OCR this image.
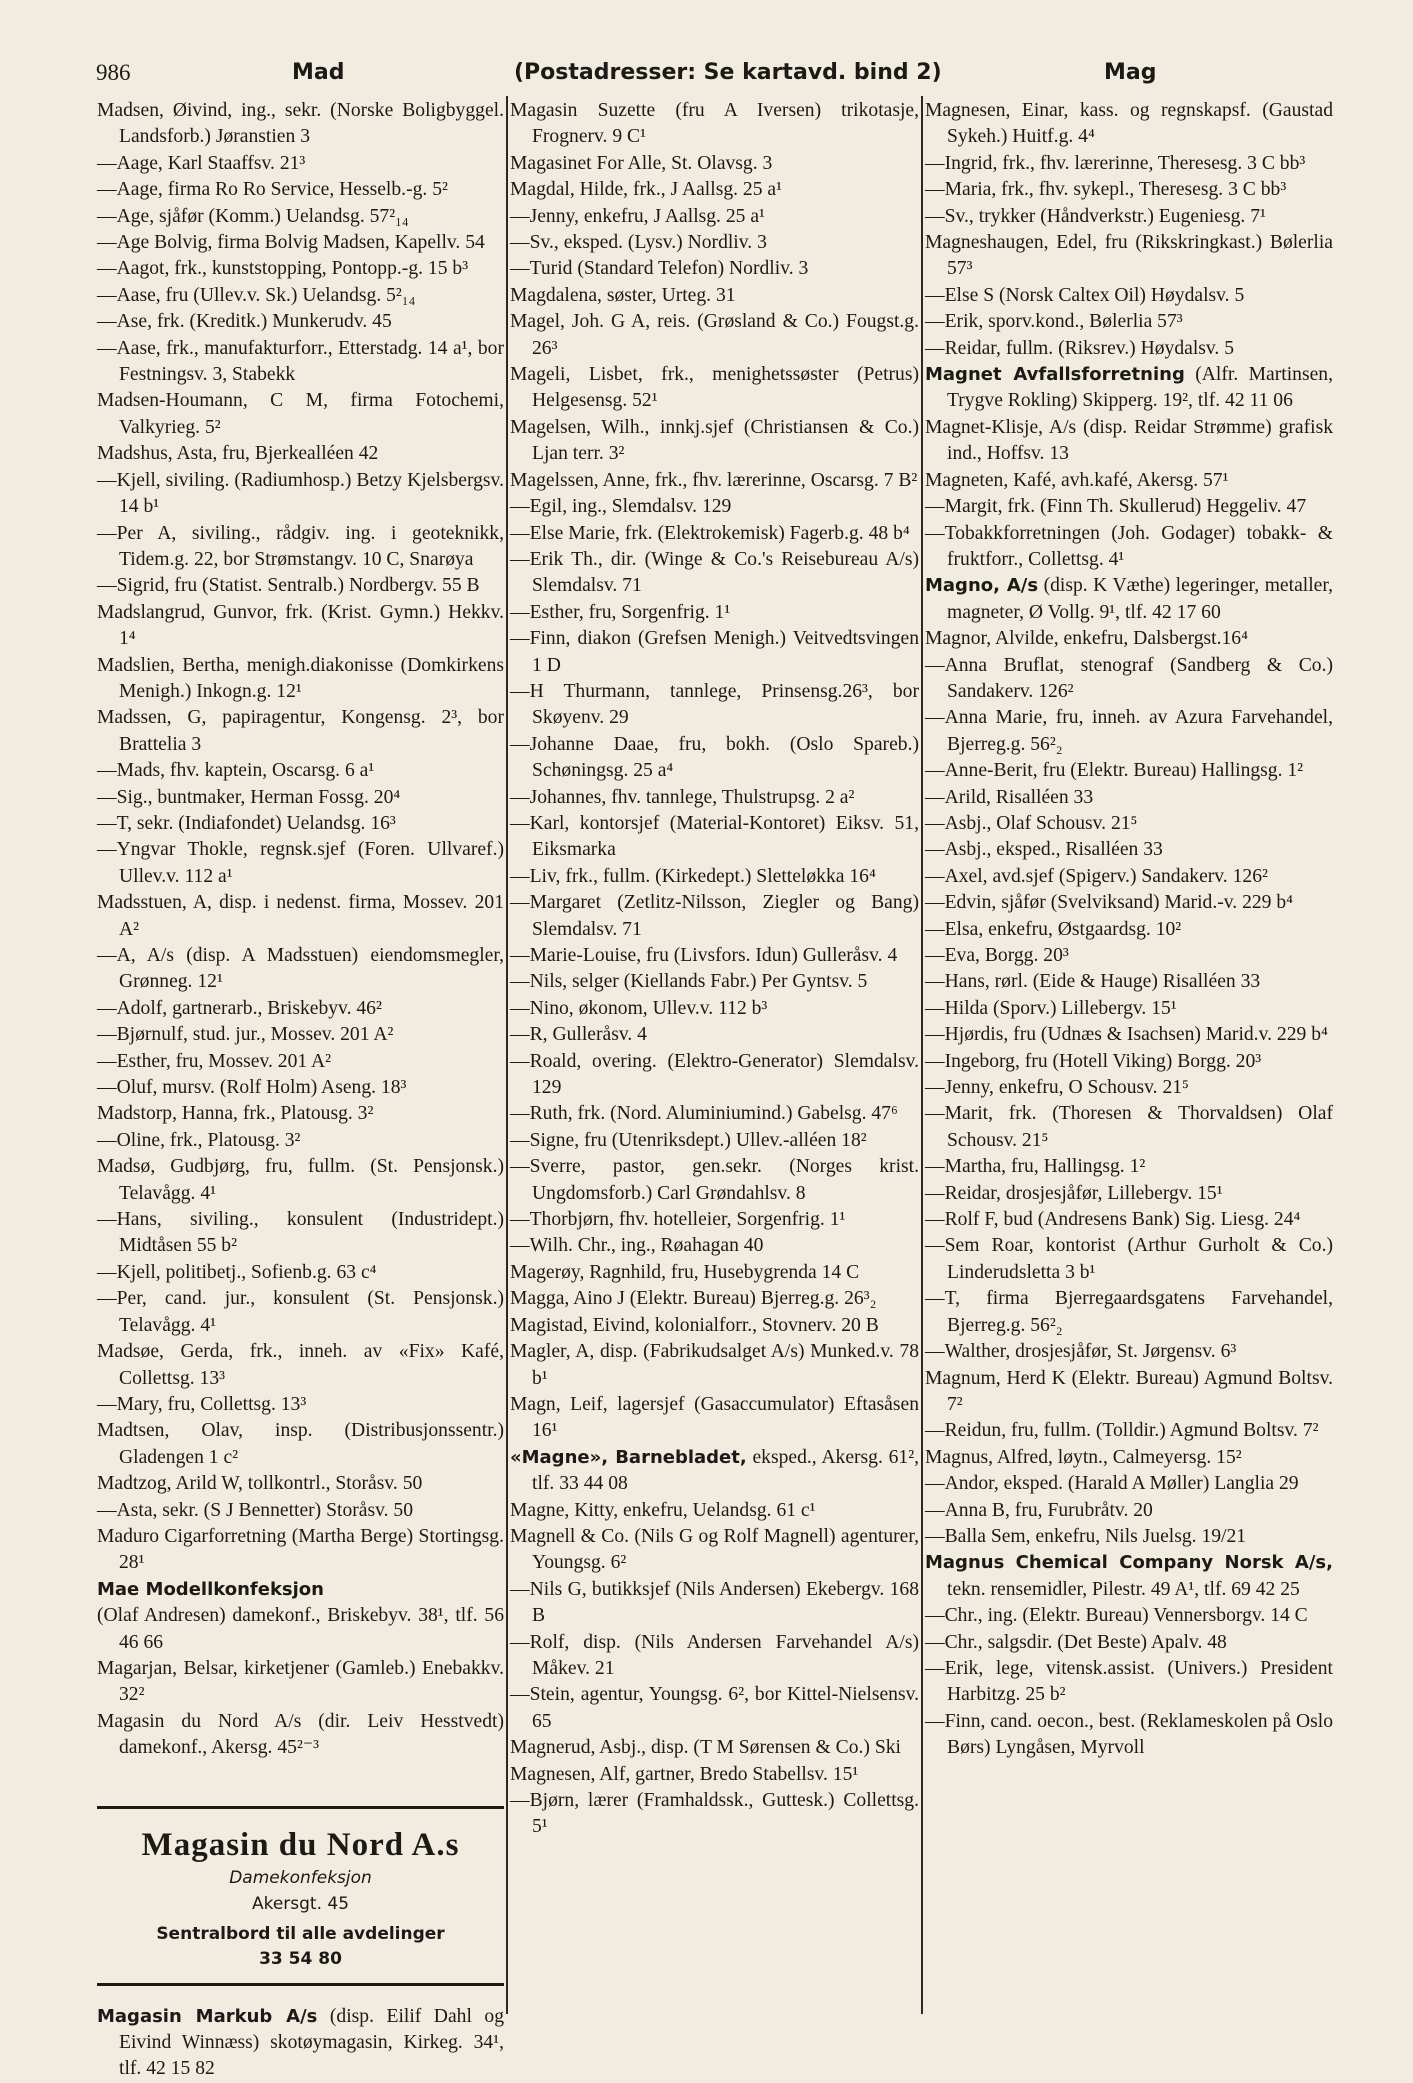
986	Mad	(Postadresser: Se kartavd. bind 2)	Mag
Madsen, Øivind, ing., sekr. (Norske Boligbyggel. Landsforb.) Jøranstien 3
—Aage, Karl Staaffsv. 21³
—Aage, firma Ro Ro Service, Hesselb.-g. 5²
—Age, sjåfør (Komm.) Uelandsg. 57²₁₄
—Age Bolvig, firma Bolvig Madsen, Kapellv. 54
—Aagot, frk., kunststopping, Pontopp.-g. 15 b³
—Aase, fru (Ullev.v. Sk.) Uelandsg. 5²₁₄
—Ase, frk. (Kreditk.) Munkerudv. 45
—Aase, frk., manufakturforr., Etterstadg. 14 a¹, bor Festningsv. 3, Stabekk
Madsen-Houmann, C M, firma Fotochemi, Valkyrieg. 5²
Madshus, Asta, fru, Bjerkealléen 42
—Kjell, siviling. (Radiumhosp.) Betzy Kjelsbergsv. 14 b¹
—Per A, siviling., rådgiv. ing. i geoteknikk, Tidem.g. 22, bor Strømstangv. 10 C, Snarøya
—Sigrid, fru (Statist. Sentralb.) Nordbergv. 55 B
Madslangrud, Gunvor, frk. (Krist. Gymn.) Hekkv. 1⁴
Madslien, Bertha, menigh.diakonisse (Domkirkens Menigh.) Inkogn.g. 12¹
Madssen, G, papiragentur, Kongensg. 2³, bor Brattelia 3
—Mads, fhv. kaptein, Oscarsg. 6 a¹
—Sig., buntmaker, Herman Fossg. 20⁴
—T, sekr. (Indiafondet) Uelandsg. 16³
—Yngvar Thokle, regnsk.sjef (Foren. Ullvaref.) Ullev.v. 112 a¹
Madsstuen, A, disp. i nedenst. firma, Mossev. 201 A²
—A, A/s (disp. A Madsstuen) eiendomsmegler, Grønneg. 12¹
—Adolf, gartnerarb., Briskebyv. 46²
—Bjørnulf, stud. jur., Mossev. 201 A²
—Esther, fru, Mossev. 201 A²
—Oluf, mursv. (Rolf Holm) Aseng. 18³
Madstorp, Hanna, frk., Platousg. 3²
—Oline, frk., Platousg. 3²
Madsø, Gudbjørg, fru, fullm. (St. Pensjonsk.) Telavågg. 4¹
—Hans, siviling., konsulent (Industridept.) Midtåsen 55 b²
—Kjell, politibetj., Sofienb.g. 63 c⁴
—Per, cand. jur., konsulent (St. Pensjonsk.) Telavågg. 4¹
Madsøe, Gerda, frk., inneh. av «Fix» Kafé, Collettsg. 13³
—Mary, fru, Collettsg. 13³
Madtsen, Olav, insp. (Distribusjonssentr.) Gladengen 1 c²
Madtzog, Arild W, tollkontrl., Storåsv. 50
—Asta, sekr. (S J Bennetter) Storåsv. 50
Maduro Cigarforretning (Martha Berge) Stortingsg. 28¹
Mae Modellkonfeksjon
(Olaf Andresen) damekonf., Briskebyv. 38¹, tlf. 56 46 66
Magarjan, Belsar, kirketjener (Gamleb.) Enebakkv. 32²
Magasin du Nord A/s (dir. Leiv Hesstvedt) damekonf., Akersg. 45²⁻³
Magasin du Nord A.s
Damekonfeksjon
Akersgt. 45
Sentralbord til alle avdelinger
33 54 80
Magasin Markub A/s (disp. Eilif Dahl og Eivind Winnæss) skotøymagasin, Kirkeg. 34¹, tlf. 42 15 82
Magasin Suzette (fru A Iversen) trikotasje, Frognerv. 9 C¹
Magasinet For Alle, St. Olavsg. 3
Magdal, Hilde, frk., J Aallsg. 25 a¹
—Jenny, enkefru, J Aallsg. 25 a¹
—Sv., eksped. (Lysv.) Nordliv. 3
—Turid (Standard Telefon) Nordliv. 3
Magdalena, søster, Urteg. 31
Magel, Joh. G A, reis. (Grøsland & Co.) Fougst.g. 26³
Mageli, Lisbet, frk., menighetssøster (Petrus) Helgesensg. 52¹
Magelsen, Wilh., innkj.sjef (Christiansen & Co.) Ljan terr. 3²
Magelssen, Anne, frk., fhv. lærerinne, Oscarsg. 7 B²
—Egil, ing., Slemdalsv. 129
—Else Marie, frk. (Elektrokemisk) Fagerb.g. 48 b⁴
—Erik Th., dir. (Winge & Co.'s Reisebureau A/s) Slemdalsv. 71
—Esther, fru, Sorgenfrig. 1¹
—Finn, diakon (Grefsen Menigh.) Veitvedtsvingen 1 D
—H Thurmann, tannlege, Prinsensg.26³, bor Skøyenv. 29
—Johanne Daae, fru, bokh. (Oslo Spareb.) Schøningsg. 25 a⁴
—Johannes, fhv. tannlege, Thulstrupsg. 2 a²
—Karl, kontorsjef (Material-Kontoret) Eiksv. 51, Eiksmarka
—Liv, frk., fullm. (Kirkedept.) Sletteløkka 16⁴
—Margaret (Zetlitz-Nilsson, Ziegler og Bang) Slemdalsv. 71
—Marie-Louise, fru (Livsfors. Idun) Gulleråsv. 4
—Nils, selger (Kiellands Fabr.) Per Gyntsv. 5
—Nino, økonom, Ullev.v. 112 b³
—R, Gulleråsv. 4
—Roald, overing. (Elektro-Generator) Slemdalsv. 129
—Ruth, frk. (Nord. Aluminiumind.) Gabelsg. 47⁶
—Signe, fru (Utenriksdept.) Ullev.-alléen 18²
—Sverre, pastor, gen.sekr. (Norges krist. Ungdomsforb.) Carl Grøndahlsv. 8
—Thorbjørn, fhv. hotelleier, Sorgenfrig. 1¹
—Wilh. Chr., ing., Røahagan 40
Magerøy, Ragnhild, fru, Husebygrenda 14 C
Magga, Aino J (Elektr. Bureau) Bjerreg.g. 26³₂
Magistad, Eivind, kolonialforr., Stovnerv. 20 B
Magler, A, disp. (Fabrikudsalget A/s) Munked.v. 78 b¹
Magn, Leif, lagersjef (Gasaccumulator) Eftasåsen 16¹
«Magne», Barnebladet, eksped., Akersg. 61², tlf. 33 44 08
Magne, Kitty, enkefru, Uelandsg. 61 c¹
Magnell & Co. (Nils G og Rolf Magnell) agenturer, Youngsg. 6²
—Nils G, butikksjef (Nils Andersen) Ekebergv. 168 B
—Rolf, disp. (Nils Andersen Farvehandel A/s) Måkev. 21
—Stein, agentur, Youngsg. 6², bor Kittel-Nielsensv. 65
Magnerud, Asbj., disp. (T M Sørensen & Co.) Ski
Magnesen, Alf, gartner, Bredo Stabellsv. 15¹
—Bjørn, lærer (Framhaldssk., Guttesk.) Collettsg. 5¹
Magnesen, Einar, kass. og regnskapsf. (Gaustad Sykeh.) Huitf.g. 4⁴
—Ingrid, frk., fhv. lærerinne, Theresesg. 3 C bb³
—Maria, frk., fhv. sykepl., Theresesg. 3 C bb³
—Sv., trykker (Håndverkstr.) Eugeniesg. 7¹
Magneshaugen, Edel, fru (Rikskringkast.) Bølerlia 57³
—Else S (Norsk Caltex Oil) Høydalsv. 5
—Erik, sporv.kond., Bølerlia 57³
—Reidar, fullm. (Riksrev.) Høydalsv. 5
Magnet Avfallsforretning (Alfr. Martinsen, Trygve Rokling) Skipperg. 19², tlf. 42 11 06
Magnet-Klisje, A/s (disp. Reidar Strømme) grafisk ind., Hoffsv. 13
Magneten, Kafé, avh.kafé, Akersg. 57¹
—Margit, frk. (Finn Th. Skullerud) Heggeliv. 47
—Tobakkforretningen (Joh. Godager) tobakk- & fruktforr., Collettsg. 4¹
Magno, A/s (disp. K Væthe) legeringer, metaller, magneter, Ø Vollg. 9¹, tlf. 42 17 60
Magnor, Alvilde, enkefru, Dalsbergst.16⁴
—Anna Bruflat, stenograf (Sandberg & Co.) Sandakerv. 126²
—Anna Marie, fru, inneh. av Azura Farvehandel, Bjerreg.g. 56²₂
—Anne-Berit, fru (Elektr. Bureau) Hallingsg. 1²
—Arild, Risalléen 33
—Asbj., Olaf Schousv. 21⁵
—Asbj., eksped., Risalléen 33
—Axel, avd.sjef (Spigerv.) Sandakerv. 126²
—Edvin, sjåfør (Svelviksand) Marid.-v. 229 b⁴
—Elsa, enkefru, Østgaardsg. 10²
—Eva, Borgg. 20³
—Hans, rørl. (Eide & Hauge) Risalléen 33
—Hilda (Sporv.) Lillebergv. 15¹
—Hjørdis, fru (Udnæs & Isachsen) Marid.v. 229 b⁴
—Ingeborg, fru (Hotell Viking) Borgg. 20³
—Jenny, enkefru, O Schousv. 21⁵
—Marit, frk. (Thoresen & Thorvaldsen) Olaf Schousv. 21⁵
—Martha, fru, Hallingsg. 1²
—Reidar, drosjesjåfør, Lillebergv. 15¹
—Rolf F, bud (Andresens Bank) Sig. Liesg. 24⁴
—Sem Roar, kontorist (Arthur Gurholt & Co.) Linderudsletta 3 b¹
—T, firma Bjerregaardsgatens Farvehandel, Bjerreg.g. 56²₂
—Walther, drosjesjåfør, St. Jørgensv. 6³
Magnum, Herd K (Elektr. Bureau) Agmund Boltsv. 7²
—Reidun, fru, fullm. (Tolldir.) Agmund Boltsv. 7²
Magnus, Alfred, løytn., Calmeyersg. 15²
—Andor, eksped. (Harald A Møller) Langlia 29
—Anna B, fru, Furubråtv. 20
—Balla Sem, enkefru, Nils Juelsg. 19/21
Magnus Chemical Company Norsk A/s, tekn. rensemidler, Pilestr. 49 A¹, tlf. 69 42 25
—Chr., ing. (Elektr. Bureau) Vennersborgv. 14 C
—Chr., salgsdir. (Det Beste) Apalv. 48
—Erik, lege, vitensk.assist. (Univers.) President Harbitzg. 25 b²
—Finn, cand. oecon., best. (Reklameskolen på Oslo Børs) Lyngåsen, Myrvoll
